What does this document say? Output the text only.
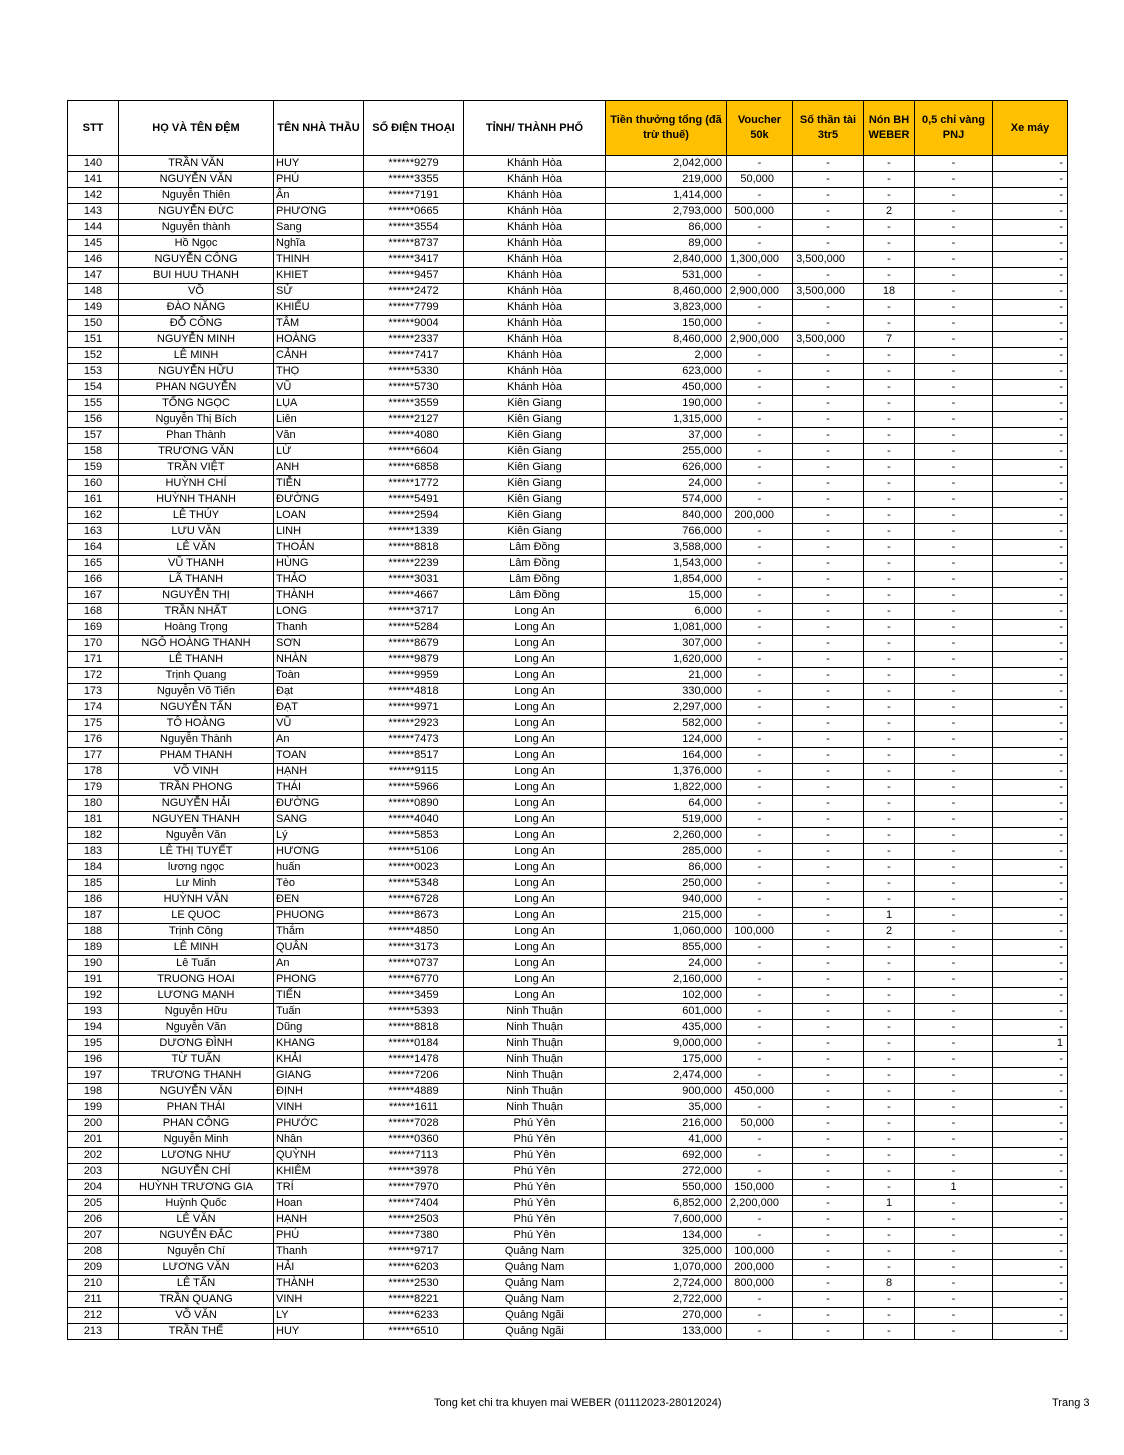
STT	HỌ VÀ TÊN ĐỆM	TÊN NHÀ THẦU	SỐ ĐIỆN THOẠI	TỈNH/ THÀNH PHỐ	Tiền thưởng tổng (đã trừ thuế)	Voucher 50k	Số thần tài 3tr5	Nón BH WEBER	0,5 chỉ vàng PNJ	Xe máy
140	TRẦN VĂN	HUY	******9279	Khánh Hòa	2,042,000	-	-	-	-	-
141	NGUYỄN VĂN	PHÚ	******3355	Khánh Hòa	219,000	50,000	-	-	-	-
142	Nguyễn Thiên	Ân	******7191	Khánh Hòa	1,414,000	-	-	-	-	-
143	NGUYỄN ĐỨC	PHƯƠNG	******0665	Khánh Hòa	2,793,000	500,000	-	2	-	-
144	Nguyễn thành	Sang	******3554	Khánh Hòa	86,000	-	-	-	-	-
145	Hồ Ngọc	Nghĩa	******8737	Khánh Hòa	89,000	-	-	-	-	-
146	NGUYỄN CÔNG	THINH	******3417	Khánh Hòa	2,840,000	1,300,000	3,500,000	-	-	-
147	BUI HUU THANH	KHIET	******9457	Khánh Hòa	531,000	-	-	-	-	-
148	VÕ	SỬ	******2472	Khánh Hòa	8,460,000	2,900,000	3,500,000	18	-	-
149	ĐÀO NĂNG	KHIẾU	******7799	Khánh Hòa	3,823,000	-	-	-	-	-
150	ĐỖ CÔNG	TÂM	******9004	Khánh Hòa	150,000	-	-	-	-	-
151	NGUYỄN MINH	HOÀNG	******2337	Khánh Hòa	8,460,000	2,900,000	3,500,000	7	-	-
152	LÊ MINH	CẢNH	******7417	Khánh Hòa	2,000	-	-	-	-	-
153	NGUYỄN HỮU	THỌ	******5330	Khánh Hòa	623,000	-	-	-	-	-
154	PHAN NGUYỄN	VŨ	******5730	Khánh Hòa	450,000	-	-	-	-	-
155	TỐNG NGỌC	LỤA	******3559	Kiên Giang	190,000	-	-	-	-	-
156	Nguyễn Thị Bích	Liên	******2127	Kiên Giang	1,315,000	-	-	-	-	-
157	Phan Thành	Văn	******4080	Kiên Giang	37,000	-	-	-	-	-
158	TRƯƠNG VĂN	LỪ	******6604	Kiên Giang	255,000	-	-	-	-	-
159	TRẦN VIỆT	ANH	******6858	Kiên Giang	626,000	-	-	-	-	-
160	HUỲNH CHÍ	TIỄN	******1772	Kiên Giang	24,000	-	-	-	-	-
161	HUỲNH THANH	ĐƯỜNG	******5491	Kiên Giang	574,000	-	-	-	-	-
162	LÊ THÚY	LOAN	******2594	Kiên Giang	840,000	200,000	-	-	-	-
163	LƯU VĂN	LINH	******1339	Kiên Giang	766,000	-	-	-	-	-
164	LÊ VĂN	THOẢN	******8818	Lâm Đồng	3,588,000	-	-	-	-	-
165	VŨ THANH	HÙNG	******2239	Lâm Đồng	1,543,000	-	-	-	-	-
166	LÃ THANH	THẢO	******3031	Lâm Đồng	1,854,000	-	-	-	-	-
167	NGUYỄN THỊ	THÀNH	******4667	Lâm Đồng	15,000	-	-	-	-	-
168	TRẦN NHẤT	LONG	******3717	Long An	6,000	-	-	-	-	-
169	Hoàng Trọng	Thanh	******5284	Long An	1,081,000	-	-	-	-	-
170	NGÔ HOÀNG THANH	SƠN	******8679	Long An	307,000	-	-	-	-	-
171	LÊ THANH	NHÀN	******9879	Long An	1,620,000	-	-	-	-	-
172	Trịnh Quang	Toàn	******9959	Long An	21,000	-	-	-	-	-
173	Nguyễn Võ Tiến	Đạt	******4818	Long An	330,000	-	-	-	-	-
174	NGUYỄN TẤN	ĐẠT	******9971	Long An	2,297,000	-	-	-	-	-
175	TÔ HOÀNG	VŨ	******2923	Long An	582,000	-	-	-	-	-
176	Nguyễn Thành	An	******7473	Long An	124,000	-	-	-	-	-
177	PHAM THANH	TOAN	******8517	Long An	164,000	-	-	-	-	-
178	VÕ VINH	HẠNH	******9115	Long An	1,376,000	-	-	-	-	-
179	TRẦN PHONG	THÁI	******5966	Long An	1,822,000	-	-	-	-	-
180	NGUYỄN HẢI	ĐƯỜNG	******0890	Long An	64,000	-	-	-	-	-
181	NGUYEN THANH	SANG	******4040	Long An	519,000	-	-	-	-	-
182	Nguyễn Văn	Lý	******5853	Long An	2,260,000	-	-	-	-	-
183	LÊ THỊ TUYẾT	HƯƠNG	******5106	Long An	285,000	-	-	-	-	-
184	lương ngọc	huấn	******0023	Long An	86,000	-	-	-	-	-
185	Lư Minh	Tèo	******5348	Long An	250,000	-	-	-	-	-
186	HUỲNH VĂN	ĐEN	******6728	Long An	940,000	-	-	-	-	-
187	LE QUOC	PHUONG	******8673	Long An	215,000	-	-	1	-	-
188	Trịnh Công	Thắm	******4850	Long An	1,060,000	100,000	-	2	-	-
189	LÊ MINH	QUÂN	******3173	Long An	855,000	-	-	-	-	-
190	Lê Tuấn	An	******0737	Long An	24,000	-	-	-	-	-
191	TRUONG HOAI	PHONG	******6770	Long An	2,160,000	-	-	-	-	-
192	LƯƠNG MẠNH	TIẾN	******3459	Long An	102,000	-	-	-	-	-
193	Nguyễn Hữu	Tuấn	******5393	Ninh Thuận	601,000	-	-	-	-	-
194	Nguyễn Văn	Dũng	******8818	Ninh Thuận	435,000	-	-	-	-	-
195	DƯƠNG ĐÌNH	KHANG	******0184	Ninh Thuận	9,000,000	-	-	-	-	1
196	TỪ TUẤN	KHẢI	******1478	Ninh Thuận	175,000	-	-	-	-	-
197	TRƯƠNG THANH	GIANG	******7206	Ninh Thuận	2,474,000	-	-	-	-	-
198	NGUYỄN VĂN	ĐỊNH	******4889	Ninh Thuận	900,000	450,000	-	-	-	-
199	PHAN THÁI	VINH	******1611	Ninh Thuận	35,000	-	-	-	-	-
200	PHAN CÔNG	PHƯỚC	******7028	Phú Yên	216,000	50,000	-	-	-	-
201	Nguyễn Minh	Nhân	******0360	Phú Yên	41,000	-	-	-	-	-
202	LƯƠNG NHƯ	QUỲNH	******7113	Phú Yên	692,000	-	-	-	-	-
203	NGUYỄN CHÍ	KHIÊM	******3978	Phú Yên	272,000	-	-	-	-	-
204	HUỲNH TRƯƠNG GIA	TRÍ	******7970	Phú Yên	550,000	150,000	-	-	1	-
205	Huỳnh Quốc	Hoan	******7404	Phú Yên	6,852,000	2,200,000	-	1	-	-
206	LÊ VĂN	HẠNH	******2503	Phú Yên	7,600,000	-	-	-	-	-
207	NGUYỄN ĐẮC	PHÚ	******7380	Phú Yên	134,000	-	-	-	-	-
208	Nguyễn Chí	Thanh	******9717	Quảng Nam	325,000	100,000	-	-	-	-
209	LƯƠNG VĂN	HẢI	******6203	Quảng Nam	1,070,000	200,000	-	-	-	-
210	LÊ TẤN	THÀNH	******2530	Quảng Nam	2,724,000	800,000	-	8	-	-
211	TRẦN QUANG	VINH	******8221	Quảng Nam	2,722,000	-	-	-	-	-
212	VÕ VĂN	LY	******6233	Quảng Ngãi	270,000	-	-	-	-	-
213	TRẦN THẾ	HUY	******6510	Quảng Ngãi	133,000	-	-	-	-	-
Tong ket chi tra khuyen mai WEBER (01112023-28012024)	Trang 3
